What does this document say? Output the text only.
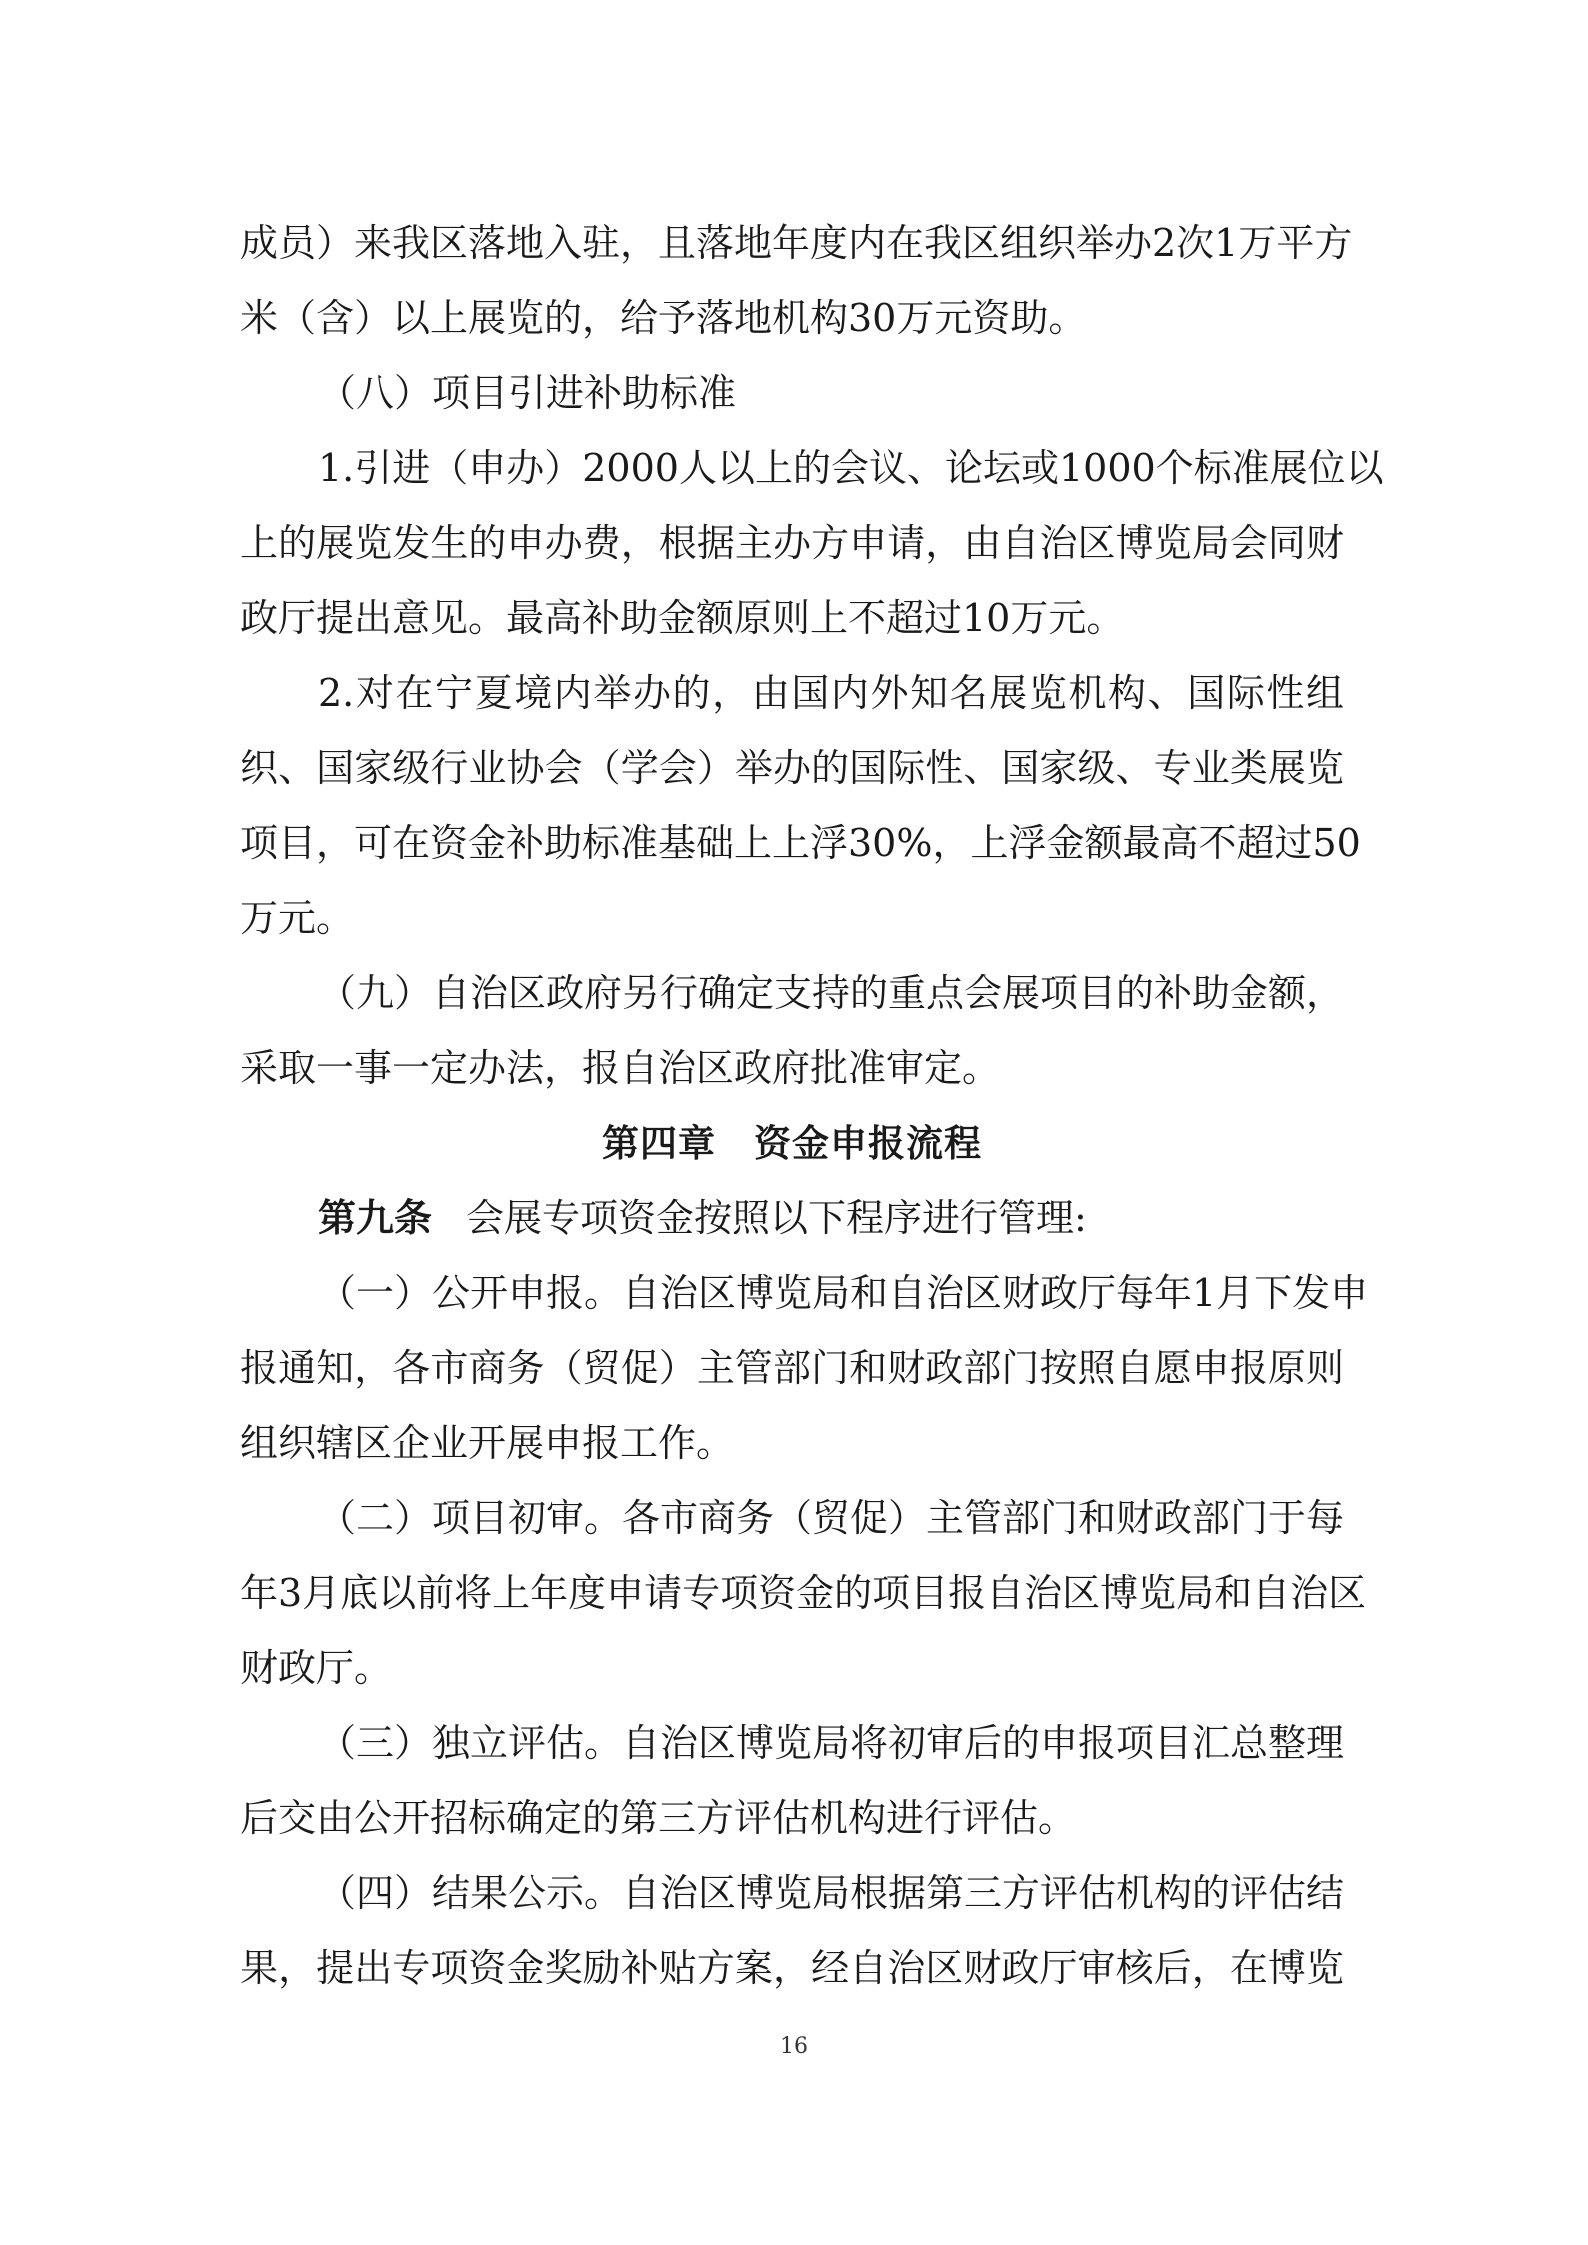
成员）来我区落地入驻，且落地年度内在我区组织举办2次1万平方
米（含）以上展览的，给予落地机构30万元资助。
（八）项目引进补助标准
1.引进（申办）2000人以上的会议、论坛或1000个标准展位以
上的展览发生的申办费，根据主办方申请，由自治区博览局会同财
政厅提出意见。最高补助金额原则上不超过10万元。
2.对在宁夏境内举办的，由国内外知名展览机构、国际性组
织、国家级行业协会（学会）举办的国际性、国家级、专业类展览
项目，可在资金补助标准基础上上浮30%，上浮金额最高不超过50
万元。
（九）自治区政府另行确定支持的重点会展项目的补助金额，
采取一事一定办法，报自治区政府批准审定。
第四章 资金申报流程
第九条 会展专项资金按照以下程序进行管理:
（一）公开申报。自治区博览局和自治区财政厅每年1月下发申
报通知，各市商务（贸促）主管部门和财政部门按照自愿申报原则
组织辖区企业开展申报工作。
（二）项目初审。各市商务（贸促）主管部门和财政部门于每
年3月底以前将上年度申请专项资金的项目报自治区博览局和自治区
财政厅。
（三）独立评估。自治区博览局将初审后的申报项目汇总整理
后交由公开招标确定的第三方评估机构进行评估。
（四）结果公示。自治区博览局根据第三方评估机构的评估结
果，提出专项资金奖励补贴方案，经自治区财政厅审核后，在博览
16
